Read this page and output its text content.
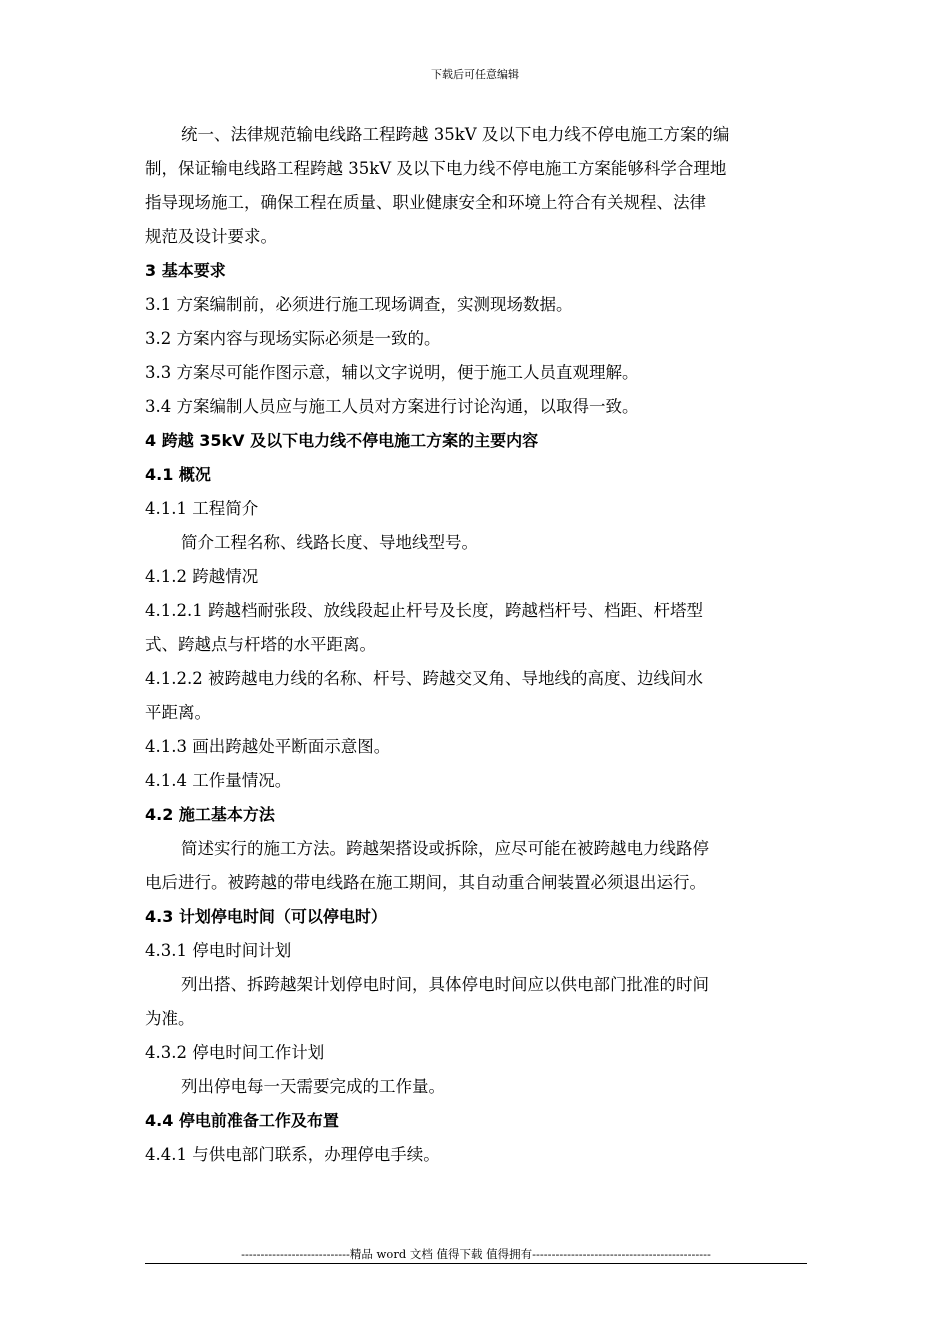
下载后可任意编辑

统一、法律规范输电线路工程跨越 35kV 及以下电力线不停电施工方案的编

制，保证输电线路工程跨越 35kV 及以下电力线不停电施工方案能够科学合理地

指导现场施工，确保工程在质量、职业健康安全和环境上符合有关规程、法律

规范及设计要求。

3 基本要求

3.1 方案编制前，必须进行施工现场调查，实测现场数据。

3.2 方案内容与现场实际必须是一致的。

3.3 方案尽可能作图示意，辅以文字说明，便于施工人员直观理解。

3.4 方案编制人员应与施工人员对方案进行讨论沟通，以取得一致。

4 跨越 35kV 及以下电力线不停电施工方案的主要内容

4.1 概况

4.1.1 工程简介

简介工程名称、线路长度、导地线型号。

4.1.2 跨越情况

4.1.2.1 跨越档耐张段、放线段起止杆号及长度，跨越档杆号、档距、杆塔型

式、跨越点与杆塔的水平距离。

4.1.2.2 被跨越电力线的名称、杆号、跨越交叉角、导地线的高度、边线间水

平距离。

4.1.3 画出跨越处平断面示意图。

4.1.4 工作量情况。

4.2 施工基本方法

简述实行的施工方法。跨越架搭设或拆除，应尽可能在被跨越电力线路停

电后进行。被跨越的带电线路在施工期间，其自动重合闸装置必须退出运行。

4.3 计划停电时间（可以停电时）

4.3.1 停电时间计划

列出搭、拆跨越架计划停电时间，具体停电时间应以供电部门批准的时间

为准。

4.3.2 停电时间工作计划

列出停电每一天需要完成的工作量。

4.4 停电前准备工作及布置

4.4.1 与供电部门联系，办理停电手续。

----------------------------精品 word 文档 值得下载 值得拥有----------------------------------------------
